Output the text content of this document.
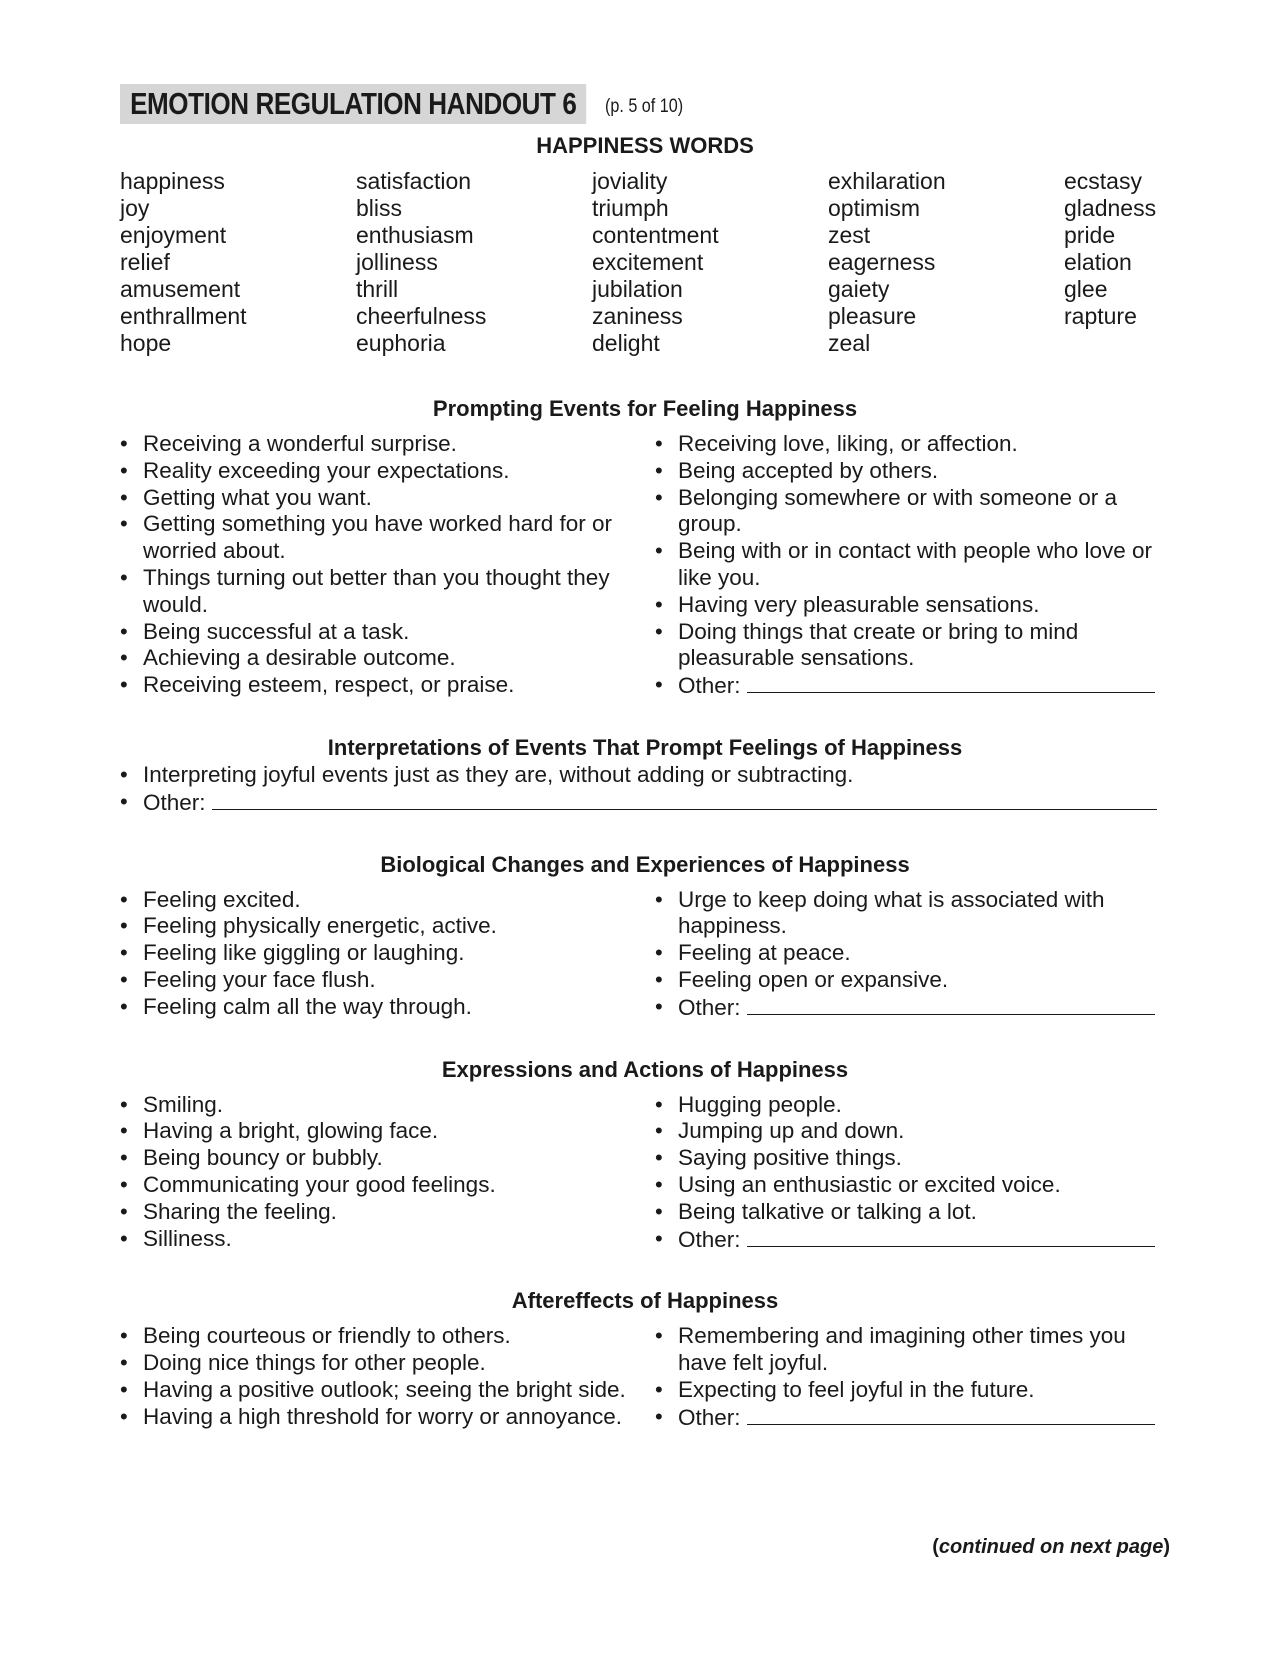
EMOTION REGULATION HANDOUT 6	(p. 5 of 10)
HAPPINESS WORDS
happiness
joy
enjoyment
relief
amusement
enthrallment
hope
satisfaction
bliss
enthusiasm
jolliness
thrill
cheerfulness
euphoria
joviality
triumph
contentment
excitement
jubilation
zaniness
delight
exhilaration
optimism
zest
eagerness
gaiety
pleasure
zeal
ecstasy
gladness
pride
elation
glee
rapture
Prompting Events for Feeling Happiness
• Receiving a wonderful surprise.
• Reality exceeding your expectations.
• Getting what you want.
• Getting something you have worked hard for or worried about.
• Things turning out better than you thought they would.
• Being successful at a task.
• Achieving a desirable outcome.
• Receiving esteem, respect, or praise.
• Receiving love, liking, or affection.
• Being accepted by others.
• Belonging somewhere or with someone or a group.
• Being with or in contact with people who love or like you.
• Having very pleasurable sensations.
• Doing things that create or bring to mind pleasurable sensations.
• Other:
Interpretations of Events That Prompt Feelings of Happiness
• Interpreting joyful events just as they are, without adding or subtracting.
• Other:
Biological Changes and Experiences of Happiness
• Feeling excited.
• Feeling physically energetic, active.
• Feeling like giggling or laughing.
• Feeling your face flush.
• Feeling calm all the way through.
• Urge to keep doing what is associated with happiness.
• Feeling at peace.
• Feeling open or expansive.
• Other:
Expressions and Actions of Happiness
• Smiling.
• Having a bright, glowing face.
• Being bouncy or bubbly.
• Communicating your good feelings.
• Sharing the feeling.
• Silliness.
• Hugging people.
• Jumping up and down.
• Saying positive things.
• Using an enthusiastic or excited voice.
• Being talkative or talking a lot.
• Other:
Aftereffects of Happiness
• Being courteous or friendly to others.
• Doing nice things for other people.
• Having a positive outlook; seeing the bright side.
• Having a high threshold for worry or annoyance.
• Remembering and imagining other times you have felt joyful.
• Expecting to feel joyful in the future.
• Other:
(continued on next page)
